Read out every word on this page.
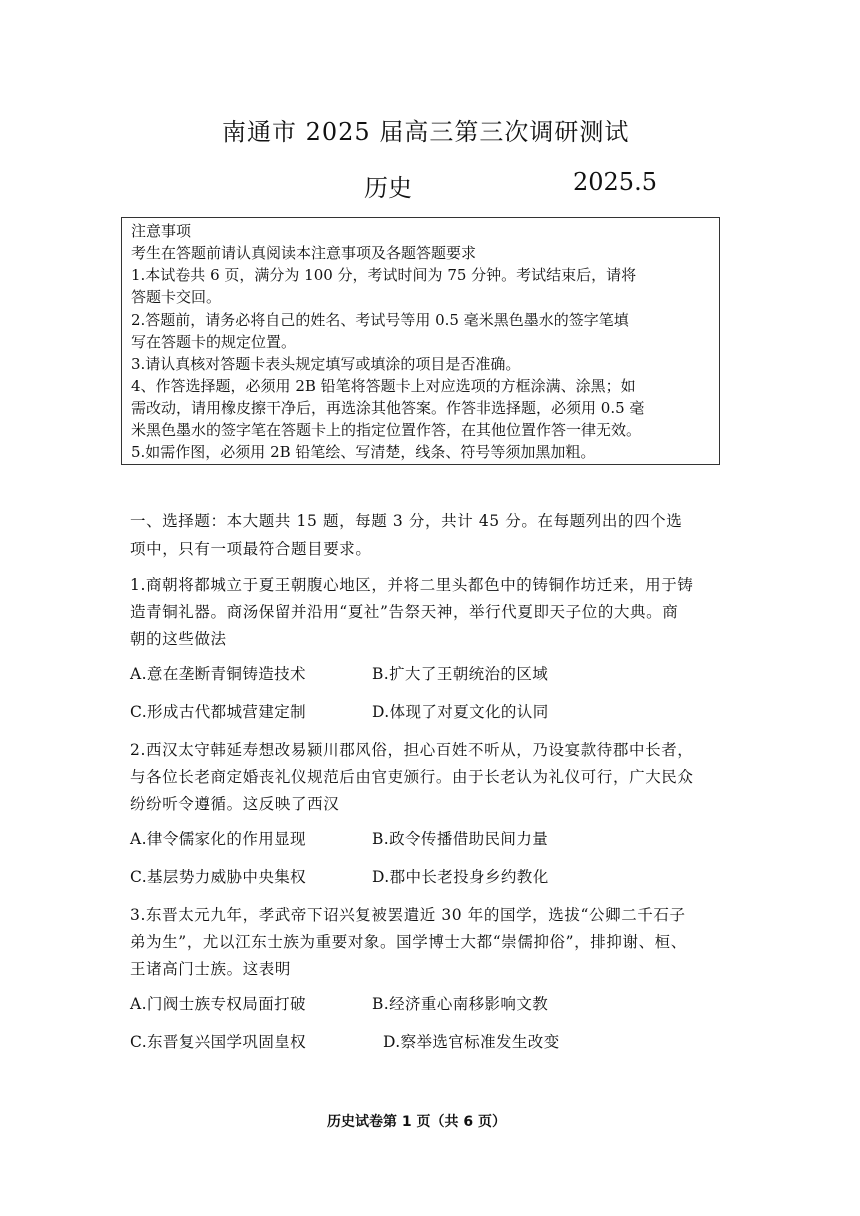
南通市 2025 届高三第三次调研测试
历史	2025.5
注意事项
考生在答题前请认真阅读本注意事项及各题答题要求
1.本试卷共 6 页，满分为 100 分，考试时间为 75 分钟。考试结束后，请将
答题卡交回。
2.答题前，请务必将自己的姓名、考试号等用 0.5 毫米黑色墨水的签字笔填
写在答题卡的规定位置。
3.请认真核对答题卡表头规定填写或填涂的项目是否准确。
4、作答选择题，必须用 2B 铅笔将答题卡上对应选项的方框涂满、涂黑；如
需改动，请用橡皮擦干净后，再选涂其他答案。作答非选择题，必须用 0.5 毫
米黑色墨水的签字笔在答题卡上的指定位置作答，在其他位置作答一律无效。
5.如需作图，必须用 2B 铅笔绘、写清楚，线条、符号等须加黑加粗。
一、选择题：本大题共 15 题，每题 3 分，共计 45 分。在每题列出的四个选
项中，只有一项最符合题目要求。
1.商朝将都城立于夏王朝腹心地区，并将二里头都色中的铸铜作坊迁来，用于铸
造青铜礼器。商汤保留并沿用“夏社”告祭天神，举行代夏即天子位的大典。商
朝的这些做法
A.意在垄断青铜铸造技术	B.扩大了王朝统治的区域
C.形成古代都城营建定制	D.体现了对夏文化的认同
2.西汉太守韩延寿想改易颍川郡风俗，担心百姓不听从，乃设宴款待郡中长者，
与各位长老商定婚丧礼仪规范后由官吏颁行。由于长老认为礼仪可行，广大民众
纷纷听令遵循。这反映了西汉
A.律令儒家化的作用显现	B.政令传播借助民间力量
C.基层势力威胁中央集权	D.郡中长老投身乡约教化
3.东晋太元九年，孝武帝下诏兴复被罢遣近 30 年的国学，选拔“公卿二千石子
弟为生”，尤以江东士族为重要对象。国学博士大都“崇儒抑俗”，排抑谢、桓、
王诸高门士族。这表明
A.门阀士族专权局面打破	B.经济重心南移影响文教
C.东晋复兴国学巩固皇权	D.察举选官标准发生改变
历史试卷第 1 页（共 6 页）
